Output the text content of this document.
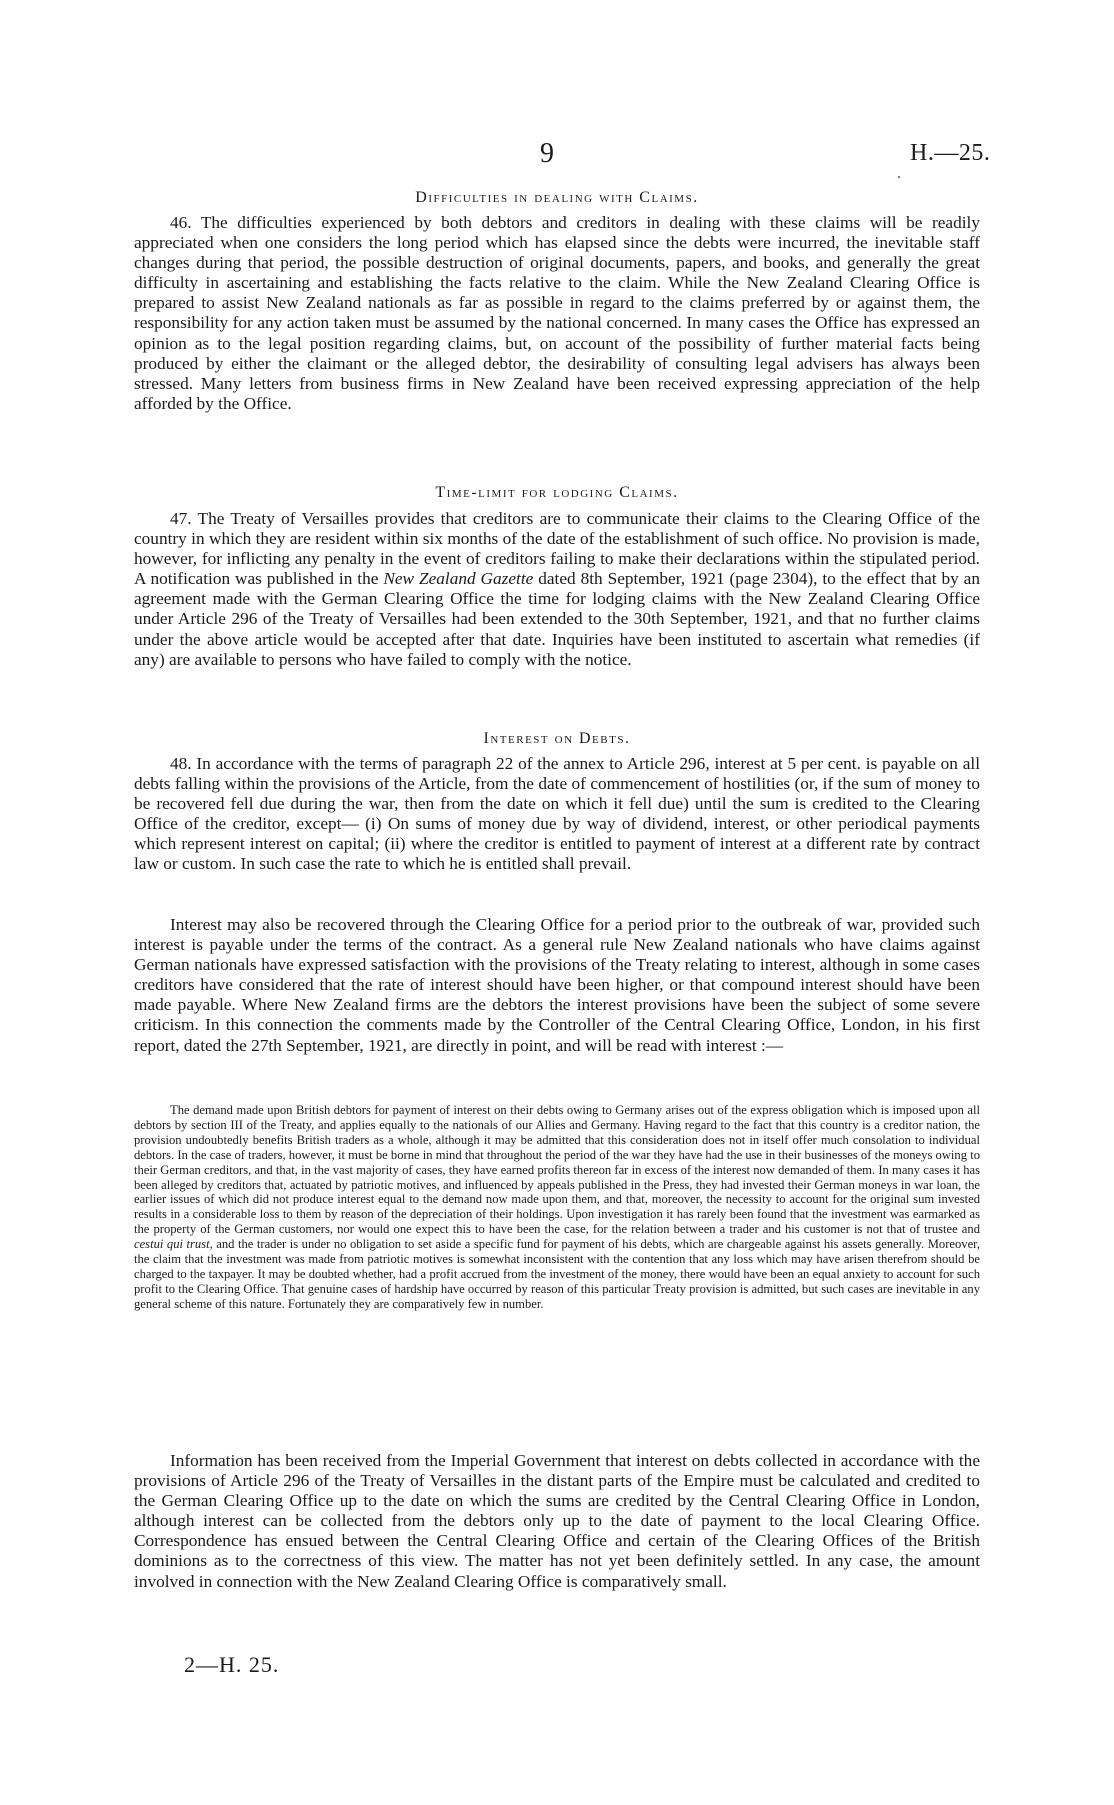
9	H.—25.
Difficulties in dealing with Claims.

46. The difficulties experienced by both debtors and creditors in dealing with these claims will be readily appreciated when one considers the long period which has elapsed since the debts were incurred, the inevitable staff changes during that period, the possible destruction of original documents, papers, and books, and generally the great difficulty in ascertaining and establishing the facts relative to the claim. While the New Zealand Clearing Office is prepared to assist New Zealand nationals as far as possible in regard to the claims preferred by or against them, the responsibility for any action taken must be assumed by the national concerned. In many cases the Office has expressed an opinion as to the legal position regarding claims, but, on account of the possibility of further material facts being produced by either the claimant or the alleged debtor, the desirability of consulting legal advisers has always been stressed. Many letters from business firms in New Zealand have been received expressing appreciation of the help afforded by the Office.

Time-limit for lodging Claims.

47. The Treaty of Versailles provides that creditors are to communicate their claims to the Clearing Office of the country in which they are resident within six months of the date of the establishment of such office. No provision is made, however, for inflicting any penalty in the event of creditors failing to make their declarations within the stipulated period. A notification was published in the New Zealand Gazette dated 8th September, 1921 (page 2304), to the effect that by an agreement made with the German Clearing Office the time for lodging claims with the New Zealand Clearing Office under Article 296 of the Treaty of Versailles had been extended to the 30th September, 1921, and that no further claims under the above article would be accepted after that date. Inquiries have been instituted to ascertain what remedies (if any) are available to persons who have failed to comply with the notice.

Interest on Debts.

48. In accordance with the terms of paragraph 22 of the annex to Article 296, interest at 5 per cent. is payable on all debts falling within the provisions of the Article, from the date of commencement of hostilities (or, if the sum of money to be recovered fell due during the war, then from the date on which it fell due) until the sum is credited to the Clearing Office of the creditor, except— (i) On sums of money due by way of dividend, interest, or other periodical payments which represent interest on capital; (ii) where the creditor is entitled to payment of interest at a different rate by contract law or custom. In such case the rate to which he is entitled shall prevail.

Interest may also be recovered through the Clearing Office for a period prior to the outbreak of war, provided such interest is payable under the terms of the contract. As a general rule New Zealand nationals who have claims against German nationals have expressed satisfaction with the provisions of the Treaty relating to interest, although in some cases creditors have considered that the rate of interest should have been higher, or that compound interest should have been made payable. Where New Zealand firms are the debtors the interest provisions have been the subject of some severe criticism. In this connection the comments made by the Controller of the Central Clearing Office, London, in his first report, dated the 27th September, 1921, are directly in point, and will be read with interest :—

The demand made upon British debtors for payment of interest on their debts owing to Germany arises out of the express obligation which is imposed upon all debtors by section III of the Treaty, and applies equally to the nationals of our Allies and Germany. Having regard to the fact that this country is a creditor nation, the provision undoubtedly benefits British traders as a whole, although it may be admitted that this consideration does not in itself offer much consolation to individual debtors. In the case of traders, however, it must be borne in mind that throughout the period of the war they have had the use in their businesses of the moneys owing to their German creditors, and that, in the vast majority of cases, they have earned profits thereon far in excess of the interest now demanded of them. In many cases it has been alleged by creditors that, actuated by patriotic motives, and influenced by appeals published in the Press, they had invested their German moneys in war loan, the earlier issues of which did not produce interest equal to the demand now made upon them, and that, moreover, the necessity to account for the original sum invested results in a considerable loss to them by reason of the depreciation of their holdings. Upon investigation it has rarely been found that the investment was earmarked as the property of the German customers, nor would one expect this to have been the case, for the relation between a trader and his customer is not that of trustee and cestui qui trust, and the trader is under no obligation to set aside a specific fund for payment of his debts, which are chargeable against his assets generally. Moreover, the claim that the investment was made from patriotic motives is somewhat inconsistent with the contention that any loss which may have arisen therefrom should be charged to the taxpayer. It may be doubted whether, had a profit accrued from the investment of the money, there would have been an equal anxiety to account for such profit to the Clearing Office. That genuine cases of hardship have occurred by reason of this particular Treaty provision is admitted, but such cases are inevitable in any general scheme of this nature. Fortunately they are comparatively few in number.

Information has been received from the Imperial Government that interest on debts collected in accordance with the provisions of Article 296 of the Treaty of Versailles in the distant parts of the Empire must be calculated and credited to the German Clearing Office up to the date on which the sums are credited by the Central Clearing Office in London, although interest can be collected from the debtors only up to the date of payment to the local Clearing Office. Correspondence has ensued between the Central Clearing Office and certain of the Clearing Offices of the British dominions as to the correctness of this view. The matter has not yet been definitely settled. In any case, the amount involved in connection with the New Zealand Clearing Office is comparatively small.

2—H. 25.
